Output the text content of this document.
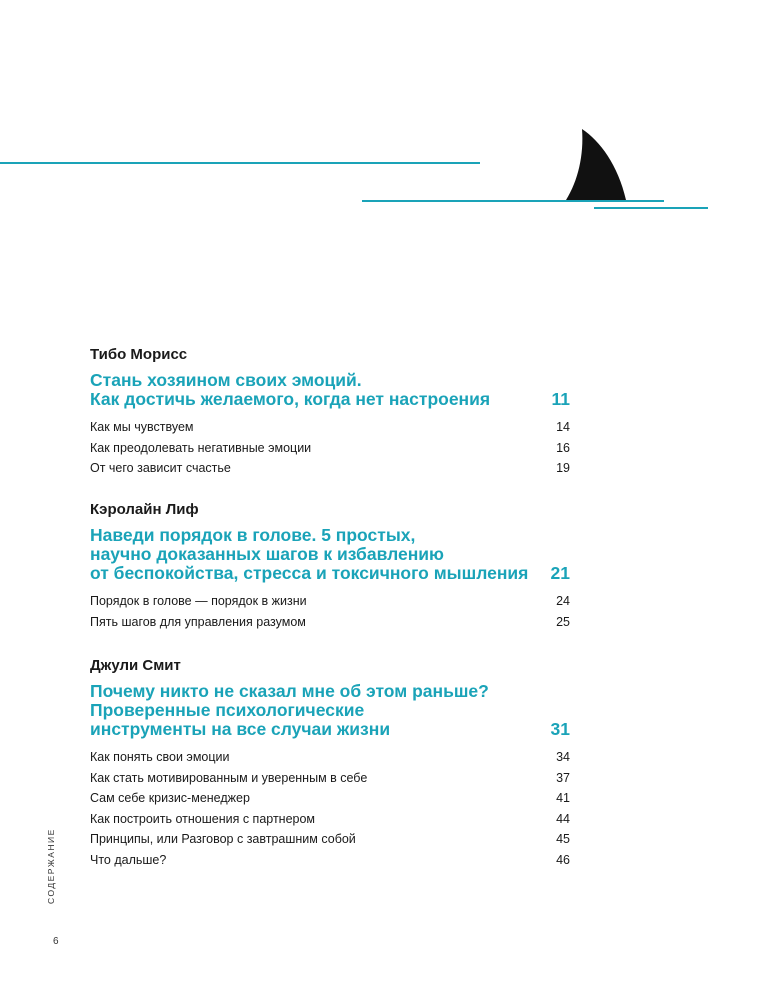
Тибо Морисс
Стань хозяином своих эмоций.
Как достичь желаемого, когда нет настроения	11
Как мы чувствуем	14
Как преодолевать негативные эмоции	16
От чего зависит счастье	19
Кэролайн Лиф
Наведи порядок в голове. 5 простых,
научно доказанных шагов к избавлению
от беспокойства, стресса и токсичного мышления 21
Порядок в голове — порядок в жизни	24
Пять шагов для управления разумом	25
Джули Смит
Почему никто не сказал мне об этом раньше?
Проверенные психологические
инструменты на все случаи жизни	31
Как понять свои эмоции	34
Как стать мотивированным и уверенным в себе	37
Сам себе кризис-менеджер	41
Как построить отношения с партнером	44
Принципы, или Разговор с завтрашним собой	45
Что дальше?	46
СОДЕРЖАНИЕ
6
